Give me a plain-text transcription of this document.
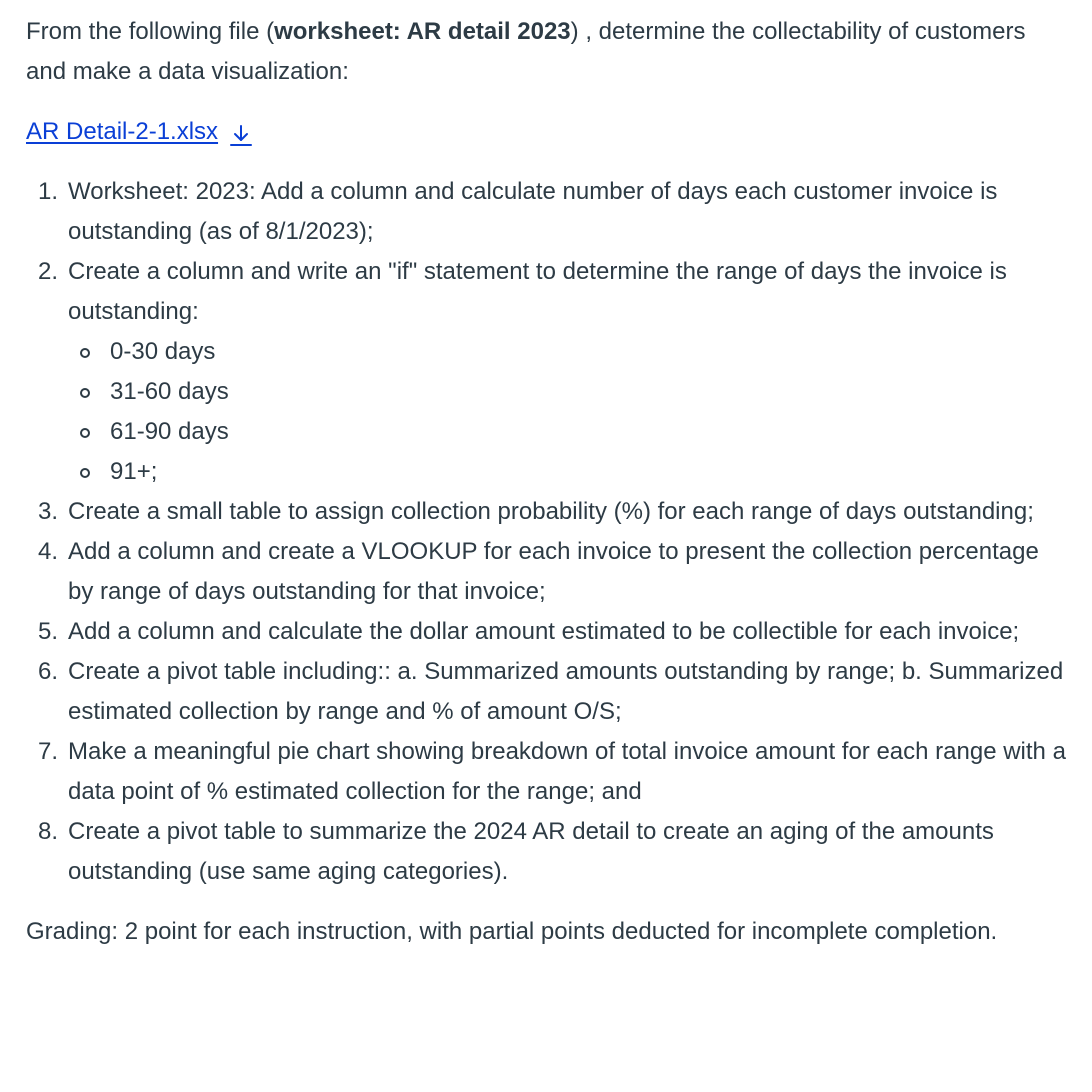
From the following file (worksheet: AR detail 2023) , determine the collectability of customers and make a data visualization:

AR Detail-2-1.xlsx
Worksheet: 2023: Add a column and calculate number of days each customer invoice is outstanding (as of 8/1/2023);
Create a column and write an "if" statement to determine the range of days the invoice is outstanding:
0-30 days
31-60 days
61-90 days
91+;
Create a small table to assign collection probability (%) for each range of days outstanding;
Add a column and create a VLOOKUP for each invoice to present the collection percentage by range of days outstanding for that invoice;
Add a column and calculate the dollar amount estimated to be collectible for each invoice;
Create a pivot table including:: a. Summarized amounts outstanding by range; b. Summarized estimated collection by range and % of amount O/S;
Make a meaningful pie chart showing breakdown of total invoice amount for each range with a data point of % estimated collection for the range; and
Create a pivot table to summarize the 2024 AR detail to create an aging of the amounts outstanding (use same aging categories).

Grading: 2 point for each instruction, with partial points deducted for incomplete completion.
